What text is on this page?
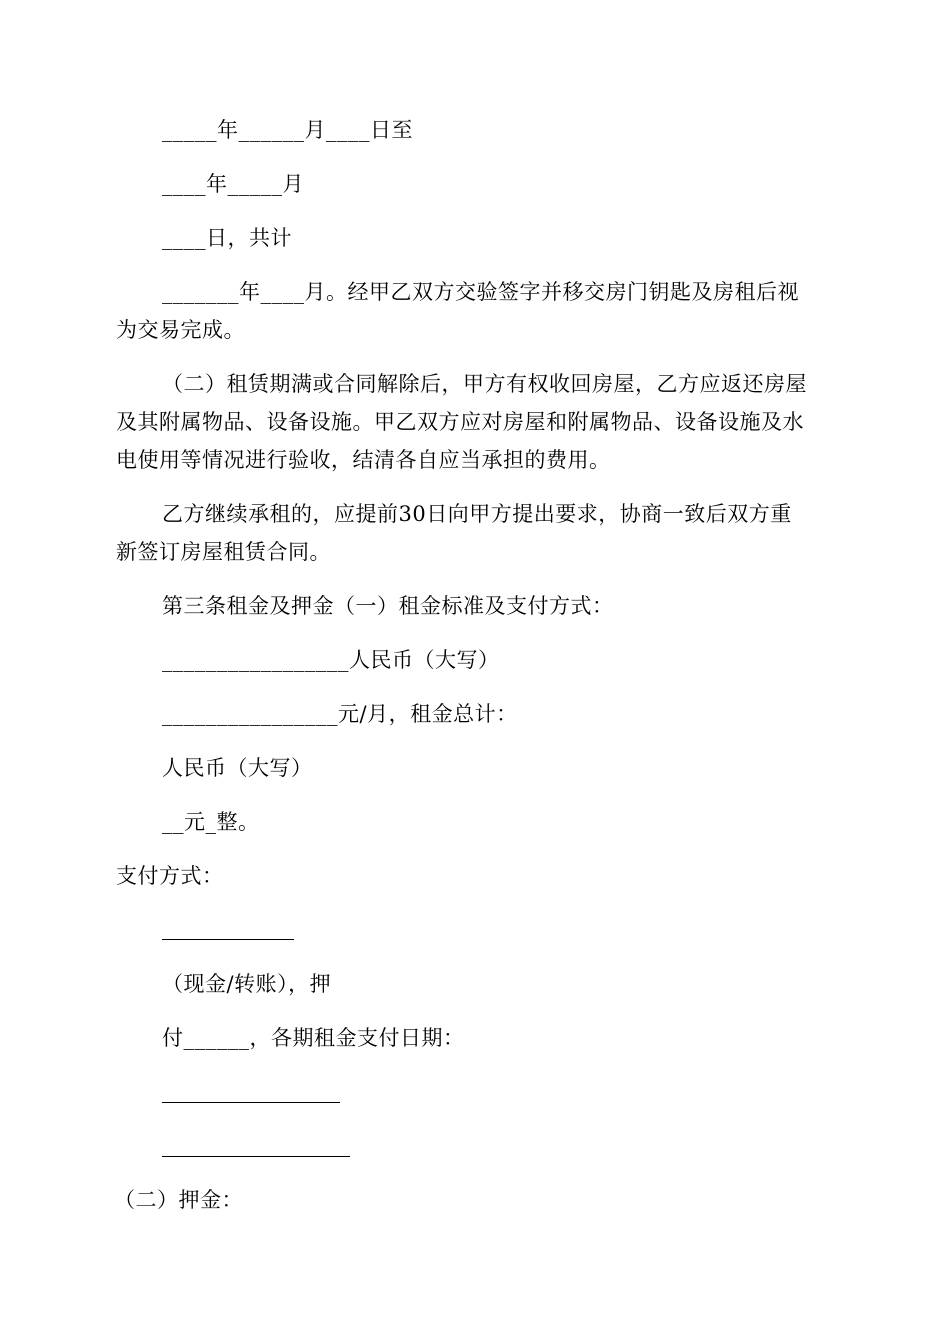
_____年______月____日至
____年_____月
____日，共计
_______年____月。经甲乙双方交验签字并移交房门钥匙及房租后视
为交易完成。
（二）租赁期满或合同解除后，甲方有权收回房屋，乙方应返还房屋
及其附属物品、设备设施。甲乙双方应对房屋和附属物品、设备设施及水
电使用等情况进行验收，结清各自应当承担的费用。
乙方继续承租的，应提前30日向甲方提出要求，协商一致后双方重
新签订房屋租赁合同。
第三条租金及押金（一）租金标准及支付方式：
_________________人民币（大写）
________________元/月，租金总计：
人民币（大写）
__元_整。
支付方式：
（现金/转账），押
付______，各期租金支付日期：
（二）押金：
